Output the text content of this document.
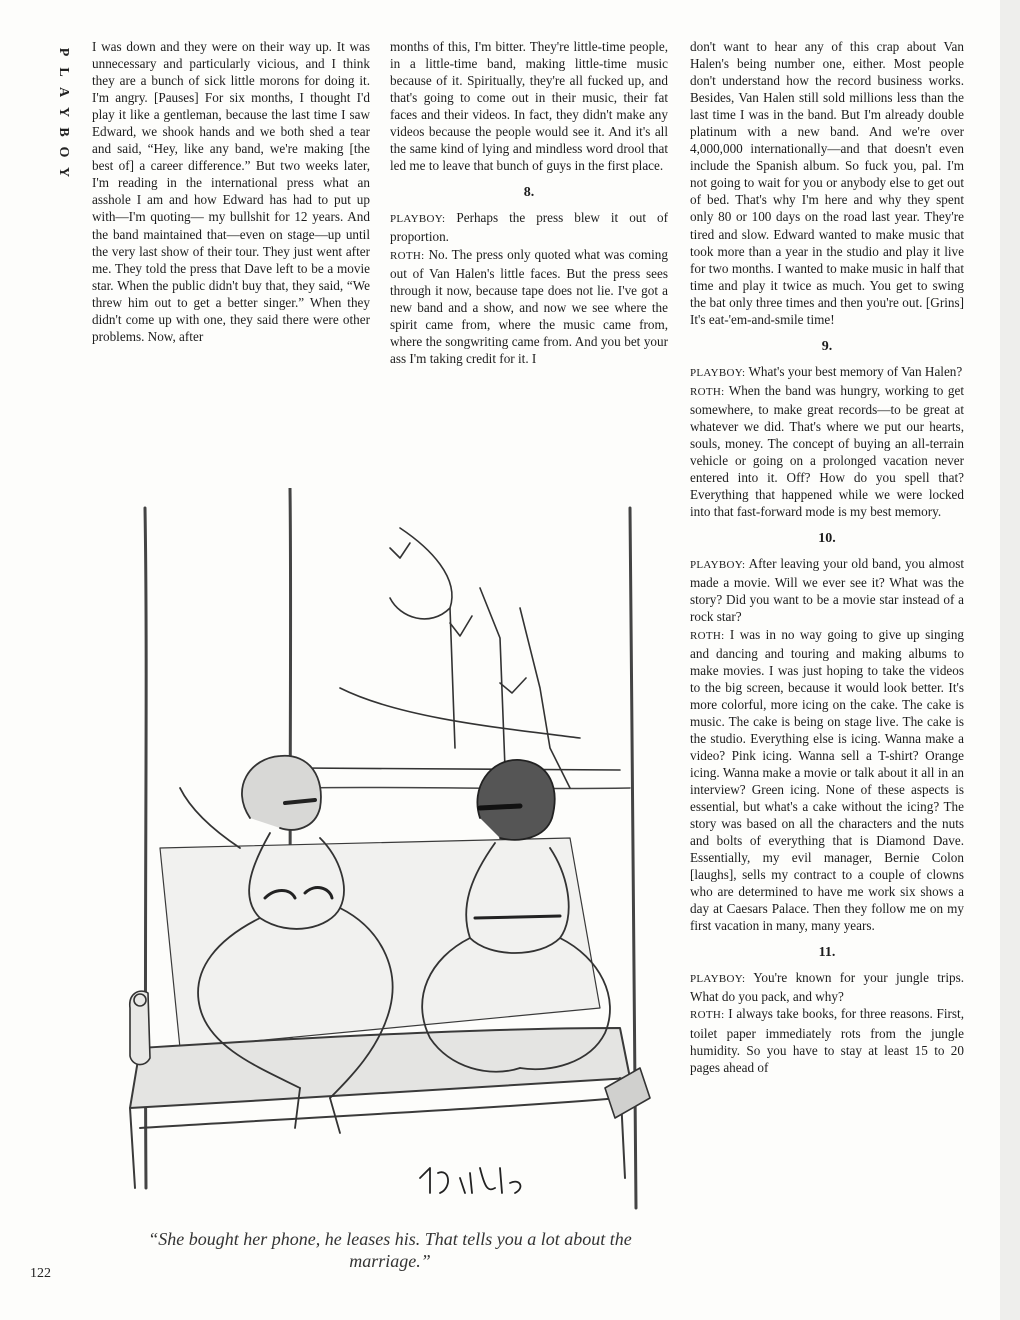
P
L
A
Y
B
O
Y

I was down and they were on their way up. It was unnecessary and particularly vicious, and I think they are a bunch of sick little morons for doing it. I'm angry. [Pauses] For six months, I thought I'd play it like a gentleman, because the last time I saw Edward, we shook hands and we both shed a tear and said, “Hey, like any band, we're making [the best of] a career difference.” But two weeks later, I'm reading in the international press what an asshole I am and how Edward has had to put up with—I'm quoting— my bullshit for 12 years. And the band maintained that—even on stage—up until the very last show of their tour. They just went after me. They told the press that Dave left to be a movie star. When the public didn't buy that, they said, “We threw him out to get a better singer.” When they didn't come up with one, they said there were other problems. Now, after

months of this, I'm bitter. They're little-time people, in a little-time band, making little-time music because of it. Spiritually, they're all fucked up, and that's going to come out in their music, their fat faces and their videos. In fact, they didn't make any videos because the people would see it. And it's all the same kind of lying and mindless word drool that led me to leave that bunch of guys in the first place.

8.

PLAYBOY: Perhaps the press blew it out of proportion.

ROTH: No. The press only quoted what was coming out of Van Halen's little faces. But the press sees through it now, because tape does not lie. I've got a new band and a show, and now we see where the spirit came from, where the music came from, where the songwriting came from. And you bet your ass I'm taking credit for it. I

don't want to hear any of this crap about Van Halen's being number one, either. Most people don't understand how the record business works. Besides, Van Halen still sold millions less than the last time I was in the band. But I'm already double platinum with a new band. And we're over 4,000,000 internationally—and that doesn't even include the Spanish album. So fuck you, pal. I'm not going to wait for you or anybody else to get out of bed. That's why I'm here and why they spent only 80 or 100 days on the road last year. They're tired and slow. Edward wanted to make music that took more than a year in the studio and play it live for two months. I wanted to make music in half that time and play it twice as much. You get to swing the bat only three times and then you're out. [Grins] It's eat-'em-and-smile time!

9.

PLAYBOY: What's your best memory of Van Halen?

ROTH: When the band was hungry, working to get somewhere, to make great records—to be great at whatever we did. That's where we put our hearts, souls, money. The concept of buying an all-terrain vehicle or going on a prolonged vacation never entered into it. Off? How do you spell that? Everything that happened while we were locked into that fast-forward mode is my best memory.

10.

PLAYBOY: After leaving your old band, you almost made a movie. Will we ever see it? What was the story? Did you want to be a movie star instead of a rock star?

ROTH: I was in no way going to give up singing and dancing and touring and making albums to make movies. I was just hoping to take the videos to the big screen, because it would look better. It's more colorful, more icing on the cake. The cake is music. The cake is being on stage live. The cake is the studio. Everything else is icing. Wanna make a video? Pink icing. Wanna sell a T-shirt? Orange icing. Wanna make a movie or talk about it all in an interview? Green icing. None of these aspects is essential, but what's a cake without the icing? The story was based on all the characters and the nuts and bolts of everything that is Diamond Dave. Essentially, my evil manager, Bernie Colon [laughs], sells my contract to a couple of clowns who are determined to have me work six shows a day at Caesars Palace. Then they follow me on my first vacation in many, many years.

11.

PLAYBOY: You're known for your jungle trips. What do you pack, and why?

ROTH: I always take books, for three reasons. First, toilet paper immediately rots from the jungle humidity. So you have to stay at least 15 to 20 pages ahead of

“She bought her phone, he leases his. That tells you a lot about the marriage.”
122
